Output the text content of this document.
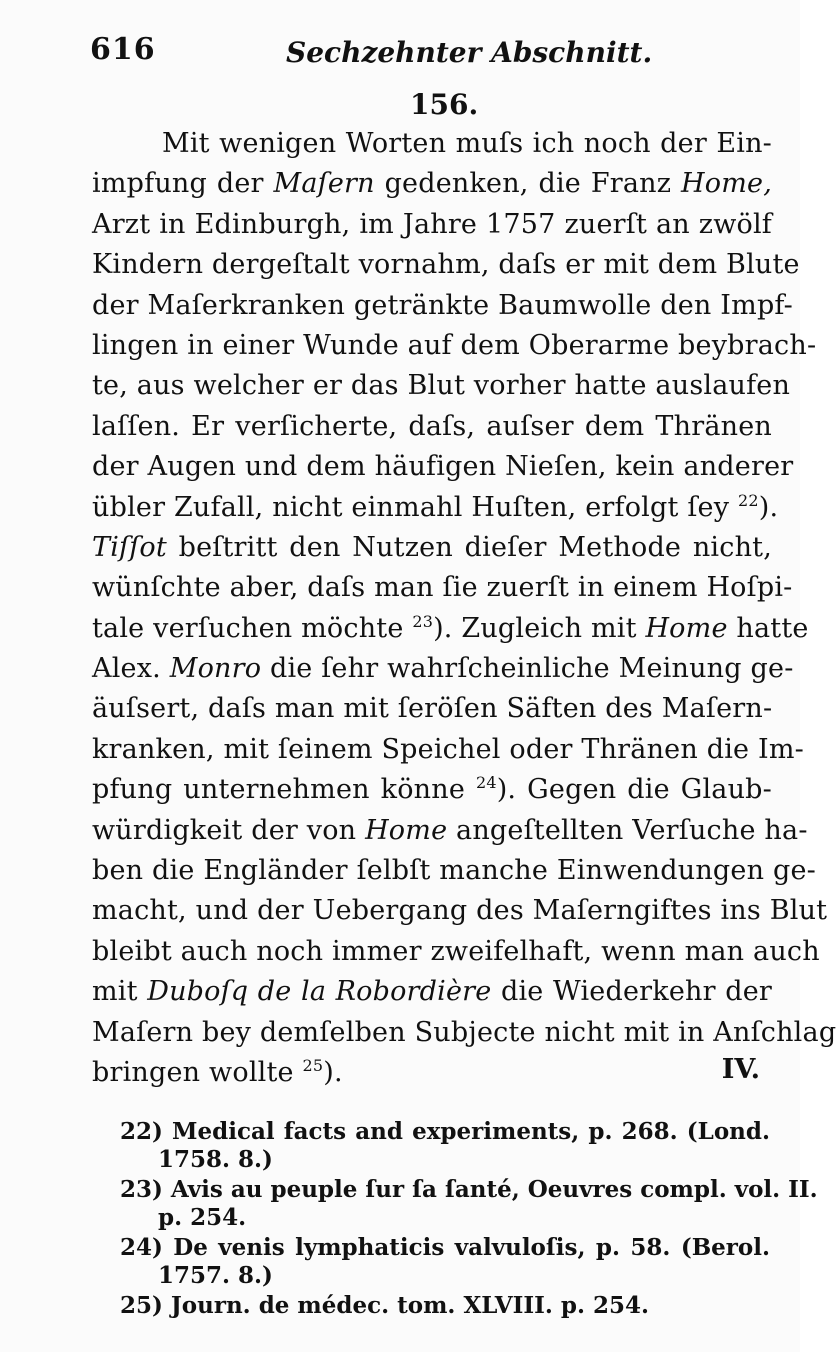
616	Sechzehnter Abschnitt.
156.
Mit wenigen Worten muſs ich noch der Ein-
impfung der Maſern gedenken, die Franz Home,
Arzt in Edinburgh, im Jahre 1757 zuerſt an zwölf
Kindern dergeſtalt vornahm, daſs er mit dem Blute
der Maſerkranken getränkte Baumwolle den Impf-
lingen in einer Wunde auf dem Oberarme beybrach-
te, aus welcher er das Blut vorher hatte auslaufen
laſſen. Er verſicherte, daſs, auſser dem Thränen
der Augen und dem häufigen Nieſen, kein anderer
übler Zufall, nicht einmahl Huſten, erfolgt ſey $^{22}$).
Tiſſot beſtritt den Nutzen dieſer Methode nicht,
wünſchte aber, daſs man ſie zuerſt in einem Hoſpi-
tale verſuchen möchte $^{23}$). Zugleich mit Home hatte
Alex. Monro die ſehr wahrſcheinliche Meinung ge-
äuſsert, daſs man mit ſeröſen Säften des Maſern-
kranken, mit ſeinem Speichel oder Thränen die Im-
pfung unternehmen könne $^{24}$). Gegen die Glaub-
würdigkeit der von Home angeſtellten Verſuche ha-
ben die Engländer ſelbſt manche Einwendungen ge-
macht, und der Uebergang des Maſerngiftes ins Blut
bleibt auch noch immer zweifelhaft, wenn man auch
mit Duboſq de la Robordière die Wiederkehr der
Maſern bey demſelben Subjecte nicht mit in Anſchlag
bringen wollte $^{25}$).	IV.
22) Medical facts and experiments, p. 268. (Lond.
1758. 8.)
23) Avis au peuple ſur ſa ſanté, Oeuvres compl. vol. II.
p. 254.
24) De venis lymphaticis valvuloſis, p. 58. (Berol.
1757. 8.)
25) Journ. de médec. tom. XLVIII. p. 254.
